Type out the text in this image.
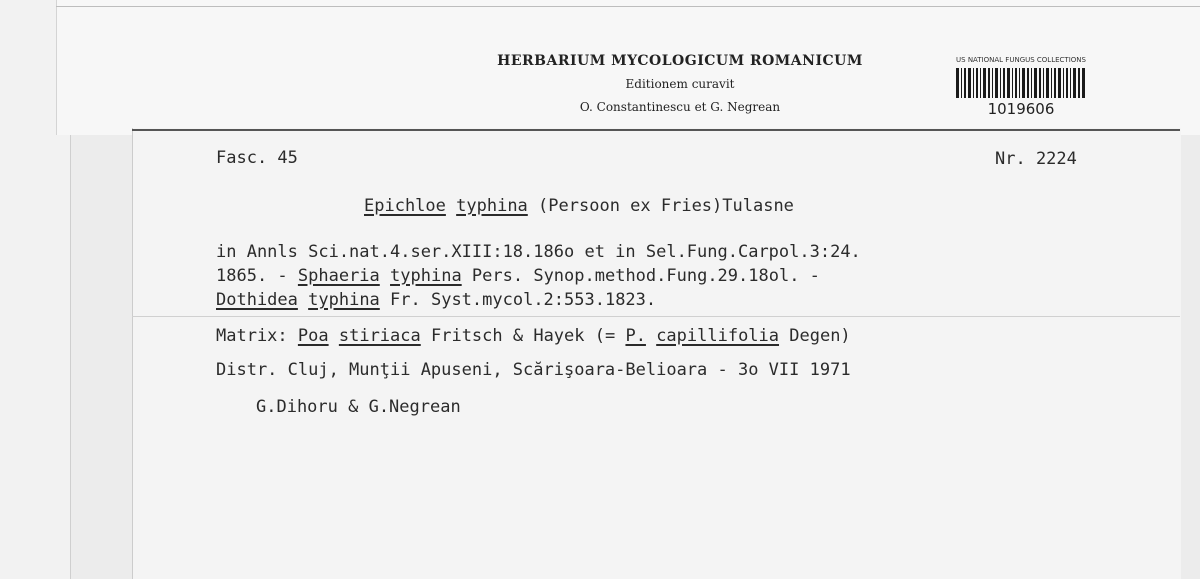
HERBARIUM MYCOLOGICUM ROMANICUM
Editionem curavit
O. Constantinescu et G. Negrean
US NATIONAL FUNGUS COLLECTIONS
1019606
Fasc. 45	Nr. 2224
Epichloe typhina (Persoon ex Fries)Tulasne
in Annls Sci.nat.4.ser.XIII:18.186o et in Sel.Fung.Carpol.3:24.
1865. - Sphaeria typhina Pers. Synop.method.Fung.29.18ol. -
Dothidea typhina Fr. Syst.mycol.2:553.1823.
Matrix: Poa stiriaca Fritsch & Hayek (= P. capillifolia Degen)
Distr. Cluj, Munţii Apuseni, Scărişoara-Belioara - 3o VII 1971
G.Dihoru & G.Negrean
